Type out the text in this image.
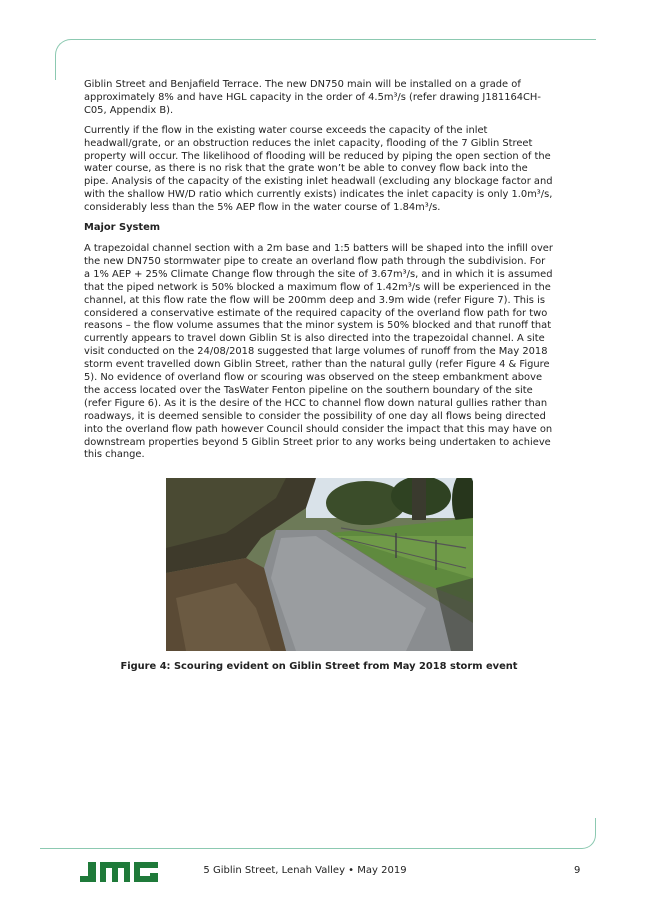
Giblin Street and Benjafield Terrace. The new DN750 main will be installed on a grade of approximately 8% and have HGL capacity in the order of 4.5m³/s (refer drawing J181164CH-C05, Appendix B).

Currently if the flow in the existing water course exceeds the capacity of the inlet headwall/grate, or an obstruction reduces the inlet capacity, flooding of the 7 Giblin Street property will occur. The likelihood of flooding will be reduced by piping the open section of the water course, as there is no risk that the grate won’t be able to convey flow back into the pipe. Analysis of the capacity of the existing inlet headwall (excluding any blockage factor and with the shallow HW/D ratio which currently exists) indicates the inlet capacity is only 1.0m³/s, considerably less than the 5% AEP flow in the water course of 1.84m³/s.

Major System

A trapezoidal channel section with a 2m base and 1:5 batters will be shaped into the infill over the new DN750 stormwater pipe to create an overland flow path through the subdivision. For a 1% AEP + 25% Climate Change flow through the site of 3.67m³/s, and in which it is assumed that the piped network is 50% blocked a maximum flow of 1.42m³/s will be experienced in the channel, at this flow rate the flow will be 200mm deep and 3.9m wide (refer Figure 7). This is considered a conservative estimate of the required capacity of the overland flow path for two reasons – the flow volume assumes that the minor system is 50% blocked and that runoff that currently appears to travel down Giblin St is also directed into the trapezoidal channel. A site visit conducted on the 24/08/2018 suggested that large volumes of runoff from the May 2018 storm event travelled down Giblin Street, rather than the natural gully (refer Figure 4 & Figure 5). No evidence of overland flow or scouring was observed on the steep embankment above the access located over the TasWater Fenton pipeline on the southern boundary of the site (refer Figure 6). As it is the desire of the HCC to channel flow down natural gullies rather than roadways, it is deemed sensible to consider the possibility of one day all flows being directed into the overland flow path however Council should consider the impact that this may have on downstream properties beyond 5 Giblin Street prior to any works being undertaken to achieve this change.

Figure 4: Scouring evident on Giblin Street from May 2018 storm event
5 Giblin Street, Lenah Valley • May 2019	9
